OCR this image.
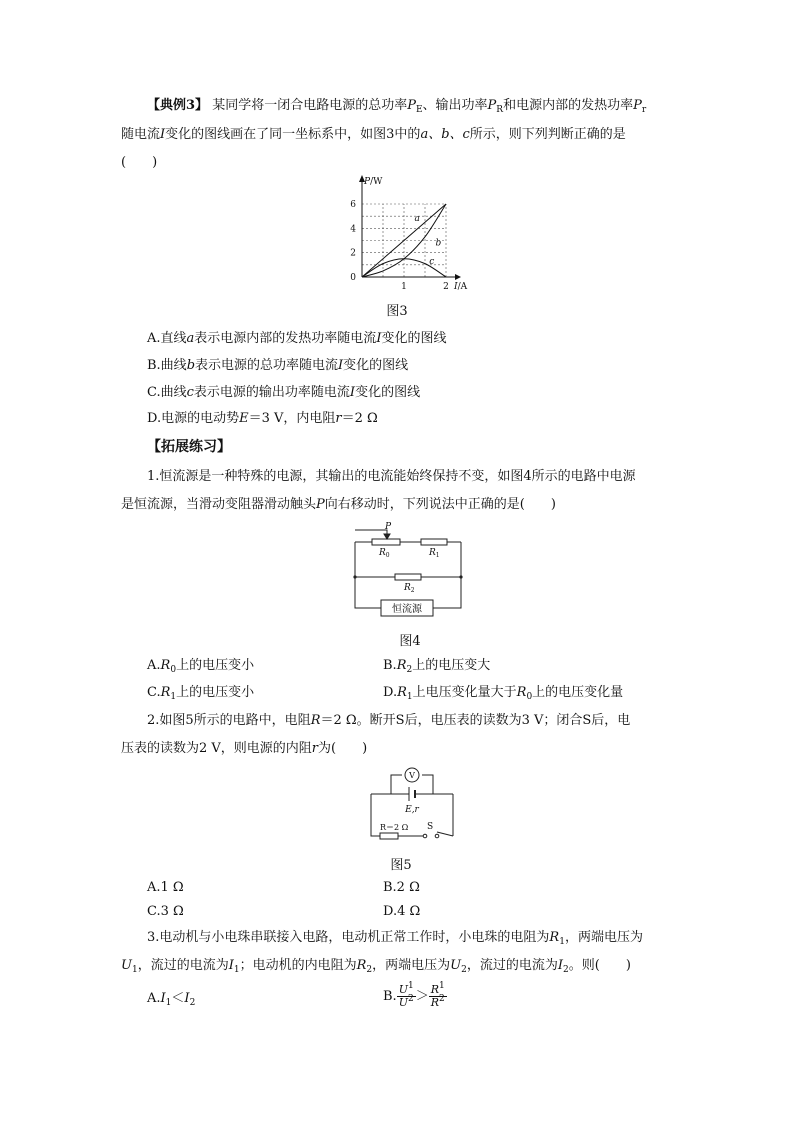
【典例3】 某同学将一闭合电路电源的总功率$P_E$、输出功率$P_R$和电源内部的发热功率$P_r$
随电流I变化的图线画在了同一坐标系中，如图3中的a、b、c所示，则下列判断正确的是
(　　)
a
b
c
0
2
4
6
1	2
P/W
I/A
图3
A.直线a表示电源内部的发热功率随电流I变化的图线
B.曲线b表示电源的总功率随电流I变化的图线
C.曲线c表示电源的输出功率随电流I变化的图线
D.电源的电动势E＝3 V，内电阻r＝2 Ω
【拓展练习】
1.恒流源是一种特殊的电源，其输出的电流能始终保持不变，如图4所示的电路中电源
是恒流源，当滑动变阻器滑动触头P向右移动时，下列说法中正确的是(　　)
P
$R_0$	$R_1$
$R_2$
恒流源
图4
$A.R_0$上的电压变小	$B.R_2$上的电压变大
$C.R_1$上的电压变小	$D.R_1$上电压变化量大于$R_0$上的电压变化量
2.如图5所示的电路中，电阻R＝2 Ω。断开S后，电压表的读数为3 V；闭合S后，电
压表的读数为2 V，则电源的内阻r为(　　)
V
E,r
R＝2 Ω S
图5
A.1 Ω	B.2 Ω
C.3 Ω	D.4 Ω
3.电动机与小电珠串联接入电路，电动机正常工作时，小电珠的电阻为$R_1$，两端电压为
$U_1$，流过的电流为$I_1$；电动机的内电阻为$R_2$，两端电压为$U_2$，流过的电流为$I_2$。则(　　)
$A.I_1<I_2$	B. $\frac{U^1}{U^2} > \frac{R^1}{R^2}$
